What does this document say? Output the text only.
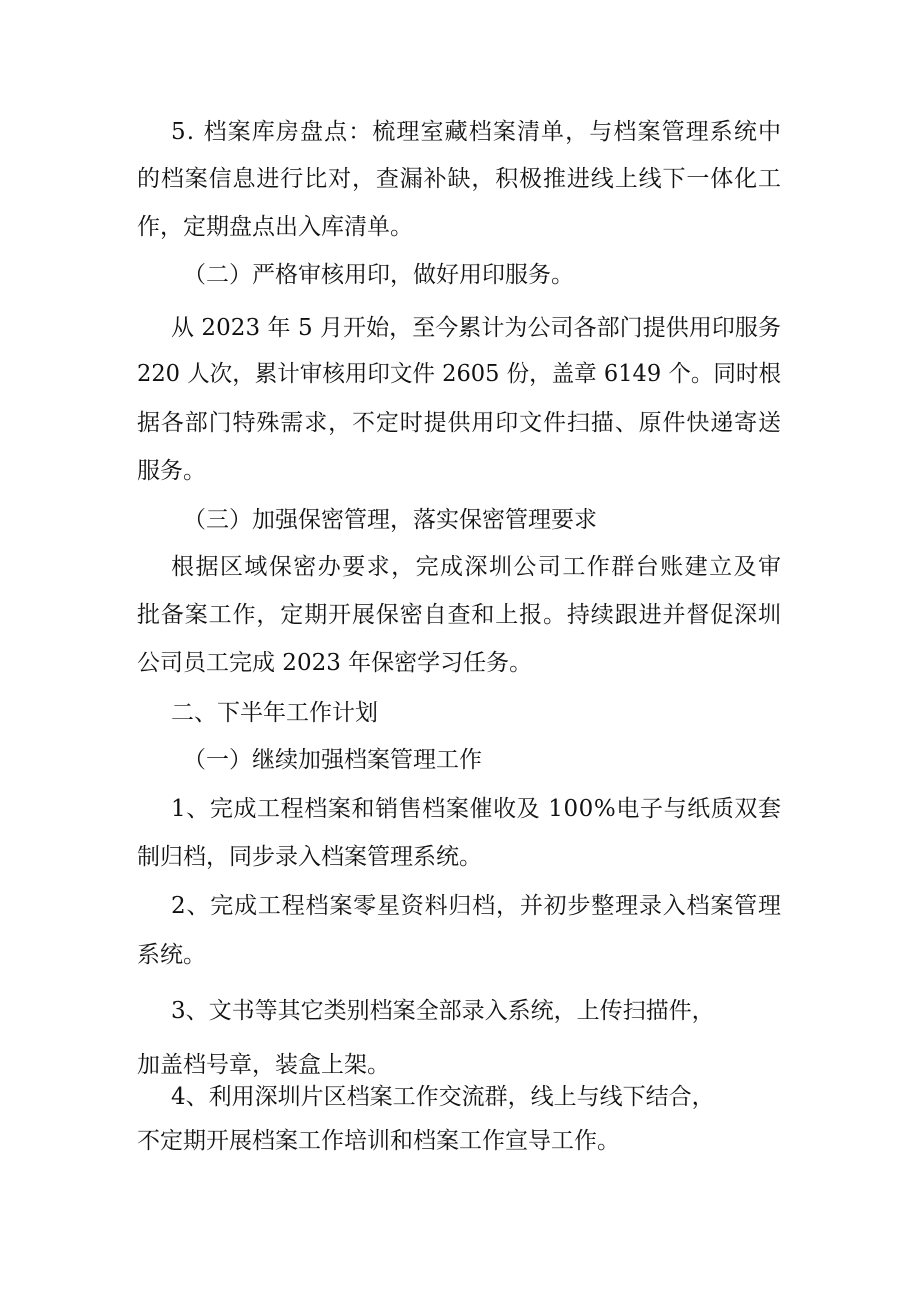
5. 档案库房盘点：梳理室藏档案清单，与档案管理系统中
的档案信息进行比对，查漏补缺，积极推进线上线下一体化工
作，定期盘点出入库清单。
（二）严格审核用印，做好用印服务。
从 2023 年 5 月开始，至今累计为公司各部门提供用印服务
220 人次，累计审核用印文件 2605 份，盖章 6149 个。同时根
据各部门特殊需求，不定时提供用印文件扫描、原件快递寄送
服务。
（三）加强保密管理，落实保密管理要求
根据区域保密办要求，完成深圳公司工作群台账建立及审
批备案工作，定期开展保密自查和上报。持续跟进并督促深圳
公司员工完成 2023 年保密学习任务。
二、下半年工作计划
（一）继续加强档案管理工作
1、完成工程档案和销售档案催收及 100%电子与纸质双套
制归档，同步录入档案管理系统。
2、完成工程档案零星资料归档，并初步整理录入档案管理
系统。
3、文书等其它类别档案全部录入系统，上传扫描件，
加盖档号章，装盒上架。
4、利用深圳片区档案工作交流群，线上与线下结合，
不定期开展档案工作培训和档案工作宣导工作。
